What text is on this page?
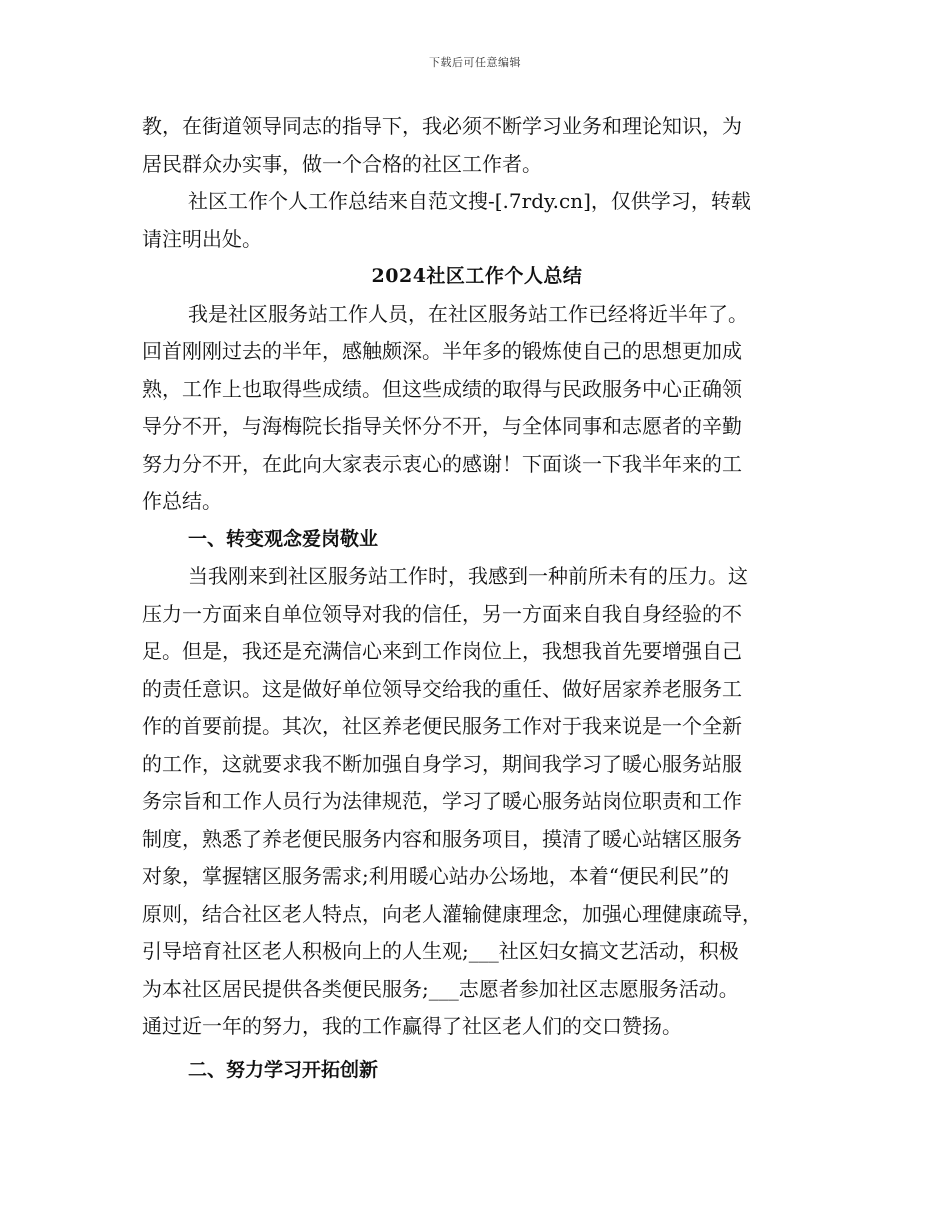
下载后可任意编辑
教，在街道领导同志的指导下，我必须不断学习业务和理论知识，为
居民群众办实事，做一个合格的社区工作者。
社区工作个人工作总结来自范文搜-[.7rdy.cn]，仅供学习，转载
请注明出处。
2024社区工作个人总结
我是社区服务站工作人员，在社区服务站工作已经将近半年了。
回首刚刚过去的半年，感触颇深。半年多的锻炼使自己的思想更加成
熟，工作上也取得些成绩。但这些成绩的取得与民政服务中心正确领
导分不开，与海梅院长指导关怀分不开，与全体同事和志愿者的辛勤
努力分不开，在此向大家表示衷心的感谢！下面谈一下我半年来的工
作总结。
一、转变观念爱岗敬业
当我刚来到社区服务站工作时，我感到一种前所未有的压力。这
压力一方面来自单位领导对我的信任，另一方面来自我自身经验的不
足。但是，我还是充满信心来到工作岗位上，我想我首先要增强自己
的责任意识。这是做好单位领导交给我的重任、做好居家养老服务工
作的首要前提。其次，社区养老便民服务工作对于我来说是一个全新
的工作，这就要求我不断加强自身学习，期间我学习了暖心服务站服
务宗旨和工作人员行为法律规范，学习了暖心服务站岗位职责和工作
制度，熟悉了养老便民服务内容和服务项目，摸清了暖心站辖区服务
对象，掌握辖区服务需求;利用暖心站办公场地，本着“便民利民”的
原则，结合社区老人特点，向老人灌输健康理念，加强心理健康疏导，
引导培育社区老人积极向上的人生观;___社区妇女搞文艺活动，积极
为本社区居民提供各类便民服务;___志愿者参加社区志愿服务活动。
通过近一年的努力，我的工作赢得了社区老人们的交口赞扬。
二、努力学习开拓创新
